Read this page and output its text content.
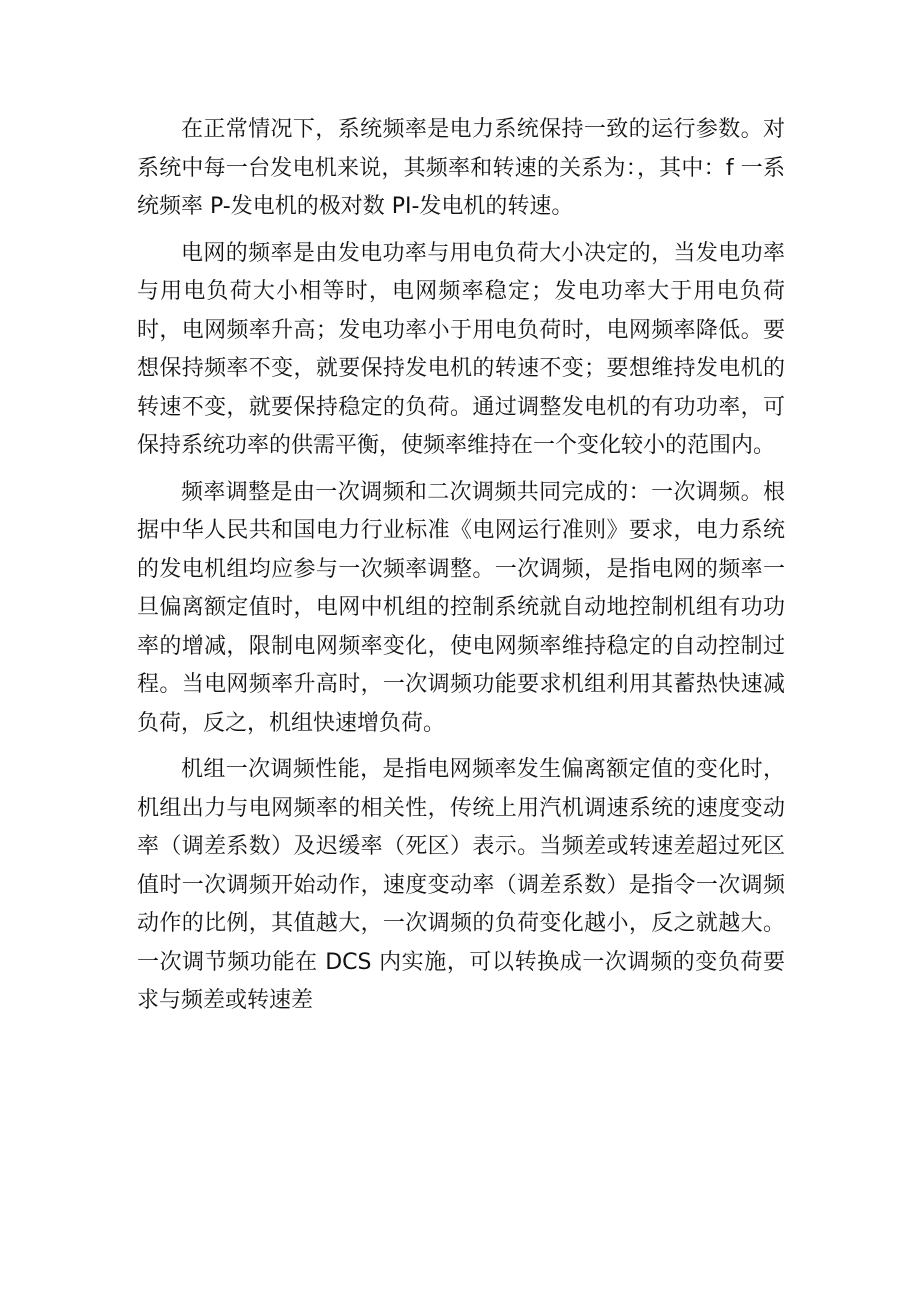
在正常情况下，系统频率是电力系统保持一致的运行参数。对系统中每一台发电机来说，其频率和转速的关系为：，其中：f 一系统频率 P-发电机的极对数 PI-发电机的转速。

电网的频率是由发电功率与用电负荷大小决定的，当发电功率与用电负荷大小相等时，电网频率稳定；发电功率大于用电负荷时，电网频率升高；发电功率小于用电负荷时，电网频率降低。要想保持频率不变，就要保持发电机的转速不变；要想维持发电机的转速不变，就要保持稳定的负荷。通过调整发电机的有功功率，可保持系统功率的供需平衡，使频率维持在一个变化较小的范围内。

频率调整是由一次调频和二次调频共同完成的：一次调频。根据中华人民共和国电力行业标准《电网运行准则》要求，电力系统的发电机组均应参与一次频率调整。一次调频，是指电网的频率一旦偏离额定值时，电网中机组的控制系统就自动地控制机组有功功率的增减，限制电网频率变化，使电网频率维持稳定的自动控制过程。当电网频率升高时，一次调频功能要求机组利用其蓄热快速减负荷，反之，机组快速增负荷。

机组一次调频性能，是指电网频率发生偏离额定值的变化时，机组出力与电网频率的相关性，传统上用汽机调速系统的速度变动率（调差系数）及迟缓率（死区）表示。当频差或转速差超过死区值时一次调频开始动作，速度变动率（调差系数）是指令一次调频动作的比例，其值越大，一次调频的负荷变化越小，反之就越大。一次调节频功能在 DCS 内实施，可以转换成一次调频的变负荷要求与频差或转速差
